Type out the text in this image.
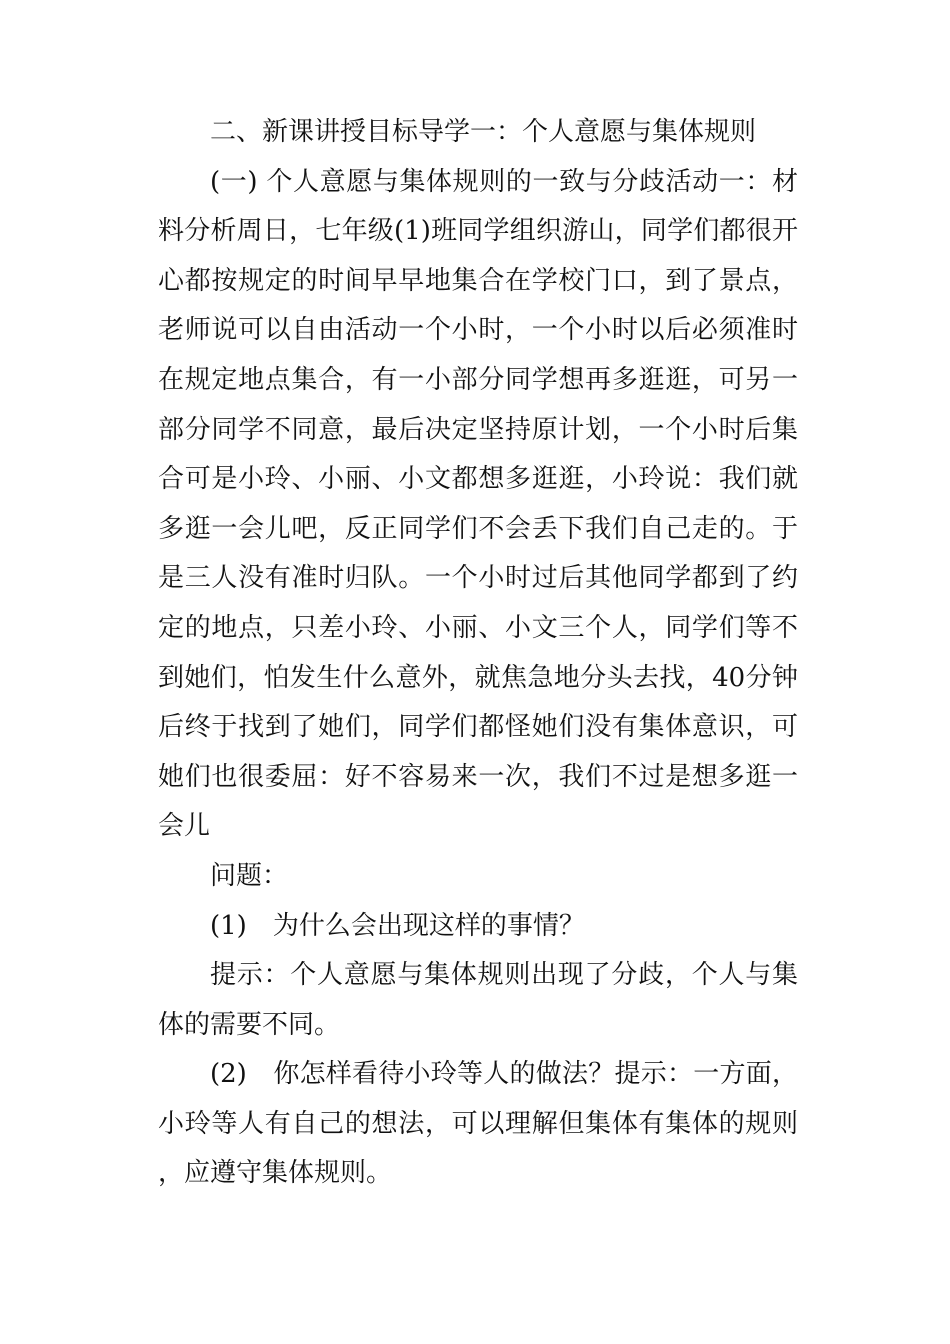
二、新课讲授目标导学一：个人意愿与集体规则

(一) 个人意愿与集体规则的一致与分歧活动一：材料分析周日，七年级(1)班同学组织游山，同学们都很开心都按规定的时间早早地集合在学校门口，到了景点，老师说可以自由活动一个小时，一个小时以后必须准时在规定地点集合，有一小部分同学想再多逛逛，可另一部分同学不同意，最后决定坚持原计划，一个小时后集合可是小玲、小丽、小文都想多逛逛，小玲说：我们就多逛一会儿吧，反正同学们不会丢下我们自己走的。于是三人没有准时归队。一个小时过后其他同学都到了约定的地点，只差小玲、小丽、小文三个人，同学们等不到她们，怕发生什么意外，就焦急地分头去找，40分钟后终于找到了她们，同学们都怪她们没有集体意识，可她们也很委屈：好不容易来一次，我们不过是想多逛一会儿

问题：

(1)　为什么会出现这样的事情？

提示：个人意愿与集体规则出现了分歧，个人与集体的需要不同。

(2)　你怎样看待小玲等人的做法？提示：一方面，小玲等人有自己的想法，可以理解但集体有集体的规则，应遵守集体规则。
